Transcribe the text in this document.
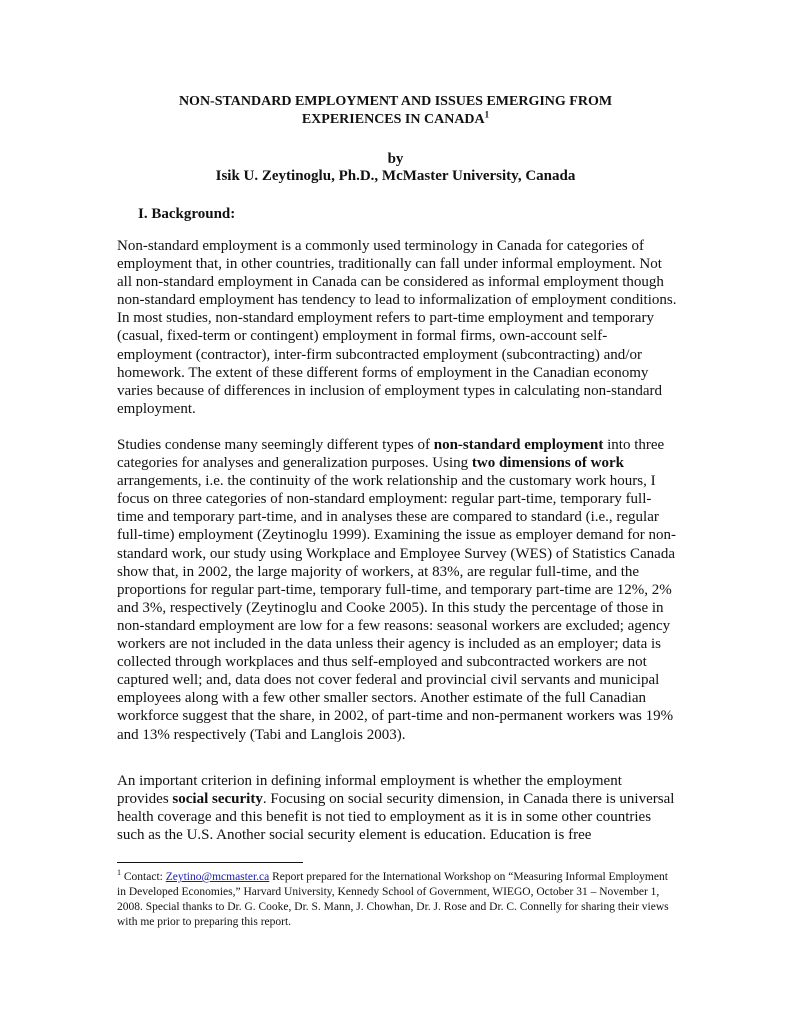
NON-STANDARD EMPLOYMENT AND ISSUES EMERGING FROM
EXPERIENCES IN CANADA$^1$
by
Isik U. Zeytinoglu, Ph.D., McMaster University, Canada
I. Background:
Non-standard employment is a commonly used terminology in Canada for categories of employment that, in other countries, traditionally can fall under informal employment. Not all non-standard employment in Canada can be considered as informal employment though non-standard employment has tendency to lead to informalization of employment conditions. In most studies, non-standard employment refers to part-time employment and temporary (casual, fixed-term or contingent) employment in formal firms, own-account self-employment (contractor), inter-firm subcontracted employment (subcontracting) and/or homework. The extent of these different forms of employment in the Canadian economy varies because of differences in inclusion of employment types in calculating non-standard employment.
Studies condense many seemingly different types of non-standard employment into three categories for analyses and generalization purposes. Using two dimensions of work arrangements, i.e. the continuity of the work relationship and the customary work hours, I focus on three categories of non-standard employment: regular part-time, temporary full-time and temporary part-time, and in analyses these are compared to standard (i.e., regular full-time) employment (Zeytinoglu 1999). Examining the issue as employer demand for non-standard work, our study using Workplace and Employee Survey (WES) of Statistics Canada show that, in 2002, the large majority of workers, at 83%, are regular full-time, and the proportions for regular part-time, temporary full-time, and temporary part-time are 12%, 2% and 3%, respectively (Zeytinoglu and Cooke 2005). In this study the percentage of those in non-standard employment are low for a few reasons: seasonal workers are excluded; agency workers are not included in the data unless their agency is included as an employer; data is collected through workplaces and thus self-employed and subcontracted workers are not captured well; and, data does not cover federal and provincial civil servants and municipal employees along with a few other smaller sectors. Another estimate of the full Canadian workforce suggest that the share, in 2002, of part-time and non-permanent workers was 19% and 13% respectively (Tabi and Langlois 2003).
An important criterion in defining informal employment is whether the employment provides social security. Focusing on social security dimension, in Canada there is universal health coverage and this benefit is not tied to employment as it is in some other countries such as the U.S. Another social security element is education. Education is free
$^1$ Contact: Zeytino@mcmaster.ca Report prepared for the International Workshop on “Measuring Informal Employment in Developed Economies,” Harvard University, Kennedy School of Government, WIEGO, October 31 – November 1, 2008. Special thanks to Dr. G. Cooke, Dr. S. Mann, J. Chowhan, Dr. J. Rose and Dr. C. Connelly for sharing their views with me prior to preparing this report.
